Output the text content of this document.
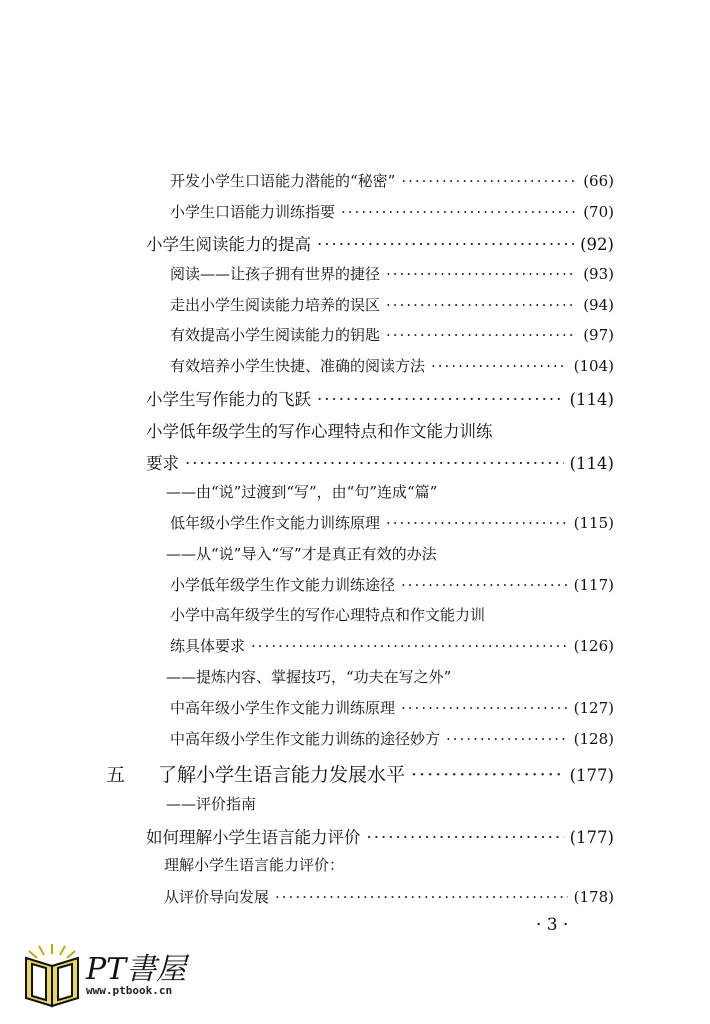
开发小学生口语能力潜能的“秘密” ·····	(66)
小学生口语能力训练指要 ·····	(70)
小学生阅读能力的提高 ·····	(92)
阅读——让孩子拥有世界的捷径 ·····	(93)
走出小学生阅读能力培养的误区 ·····	(94)
有效提高小学生阅读能力的钥匙 ·····	(97)
有效培养小学生快捷、准确的阅读方法 ·····	(104)
小学生写作能力的飞跃 ·····	(114)
小学低年级学生的写作心理特点和作文能力训练
要求 ·····	(114)
——由“说”过渡到“写”，由“句”连成“篇”
低年级小学生作文能力训练原理 ·····	(115)
——从“说”导入“写”才是真正有效的办法
小学低年级学生作文能力训练途径 ·····	(117)
小学中高年级学生的写作心理特点和作文能力训
练具体要求 ·····	(126)
——提炼内容、掌握技巧，“功夫在写之外”
中高年级小学生作文能力训练原理 ·····	(127)
中高年级小学生作文能力训练的途径妙方 ·····	(128)
五	了解小学生语言能力发展水平 ·····	(177)
——评价指南
如何理解小学生语言能力评价 ·····	(177)
理解小学生语言能力评价：
从评价导向发展 ·····	(178)
· 3 ·
PT書屋
www.ptbook.cn
